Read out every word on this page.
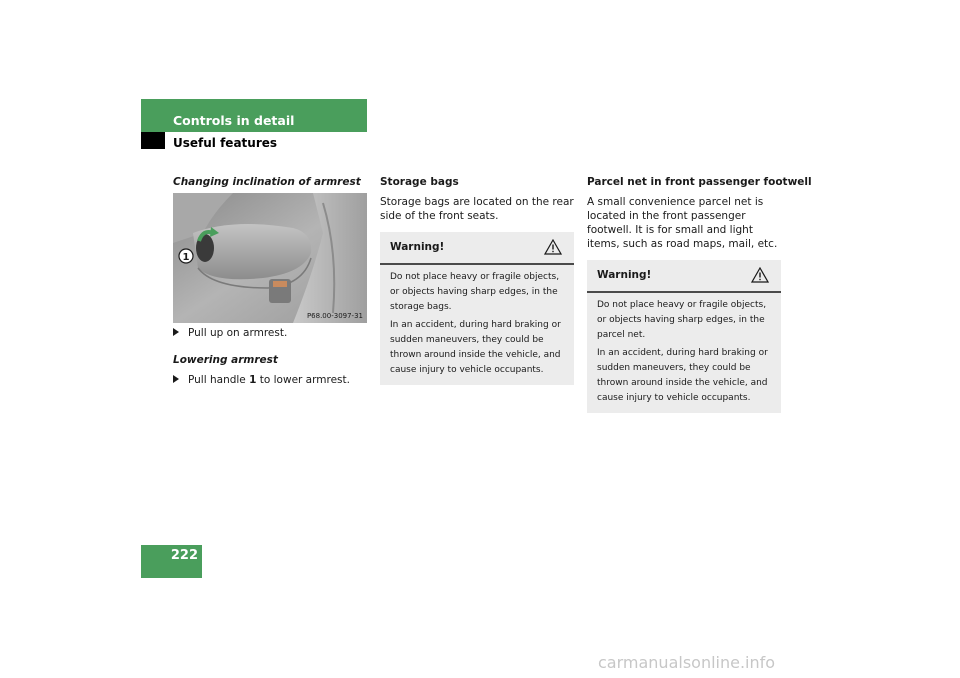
Controls in detail
Useful features
Changing inclination of armrest
1
P68.00-3097-31
Pull up on armrest.
Lowering armrest
Pull handle 1 to lower armrest.
Storage bags
Storage bags are located on the rear side of the front seats.
Warning!

Do not place heavy or fragile objects, or objects having sharp edges, in the storage bags.

In an accident, during hard braking or sudden maneuvers, they could be thrown around inside the vehicle, and cause injury to vehicle occupants.

Parcel net in front passenger footwell
A small convenience parcel net is located in the front passenger footwell. It is for small and light items, such as road maps, mail, etc.
Warning!

Do not place heavy or fragile objects, or objects having sharp edges, in the parcel net.

In an accident, during hard braking or sudden maneuvers, they could be thrown around inside the vehicle, and cause injury to vehicle occupants.

222
carmanualsonline.info
